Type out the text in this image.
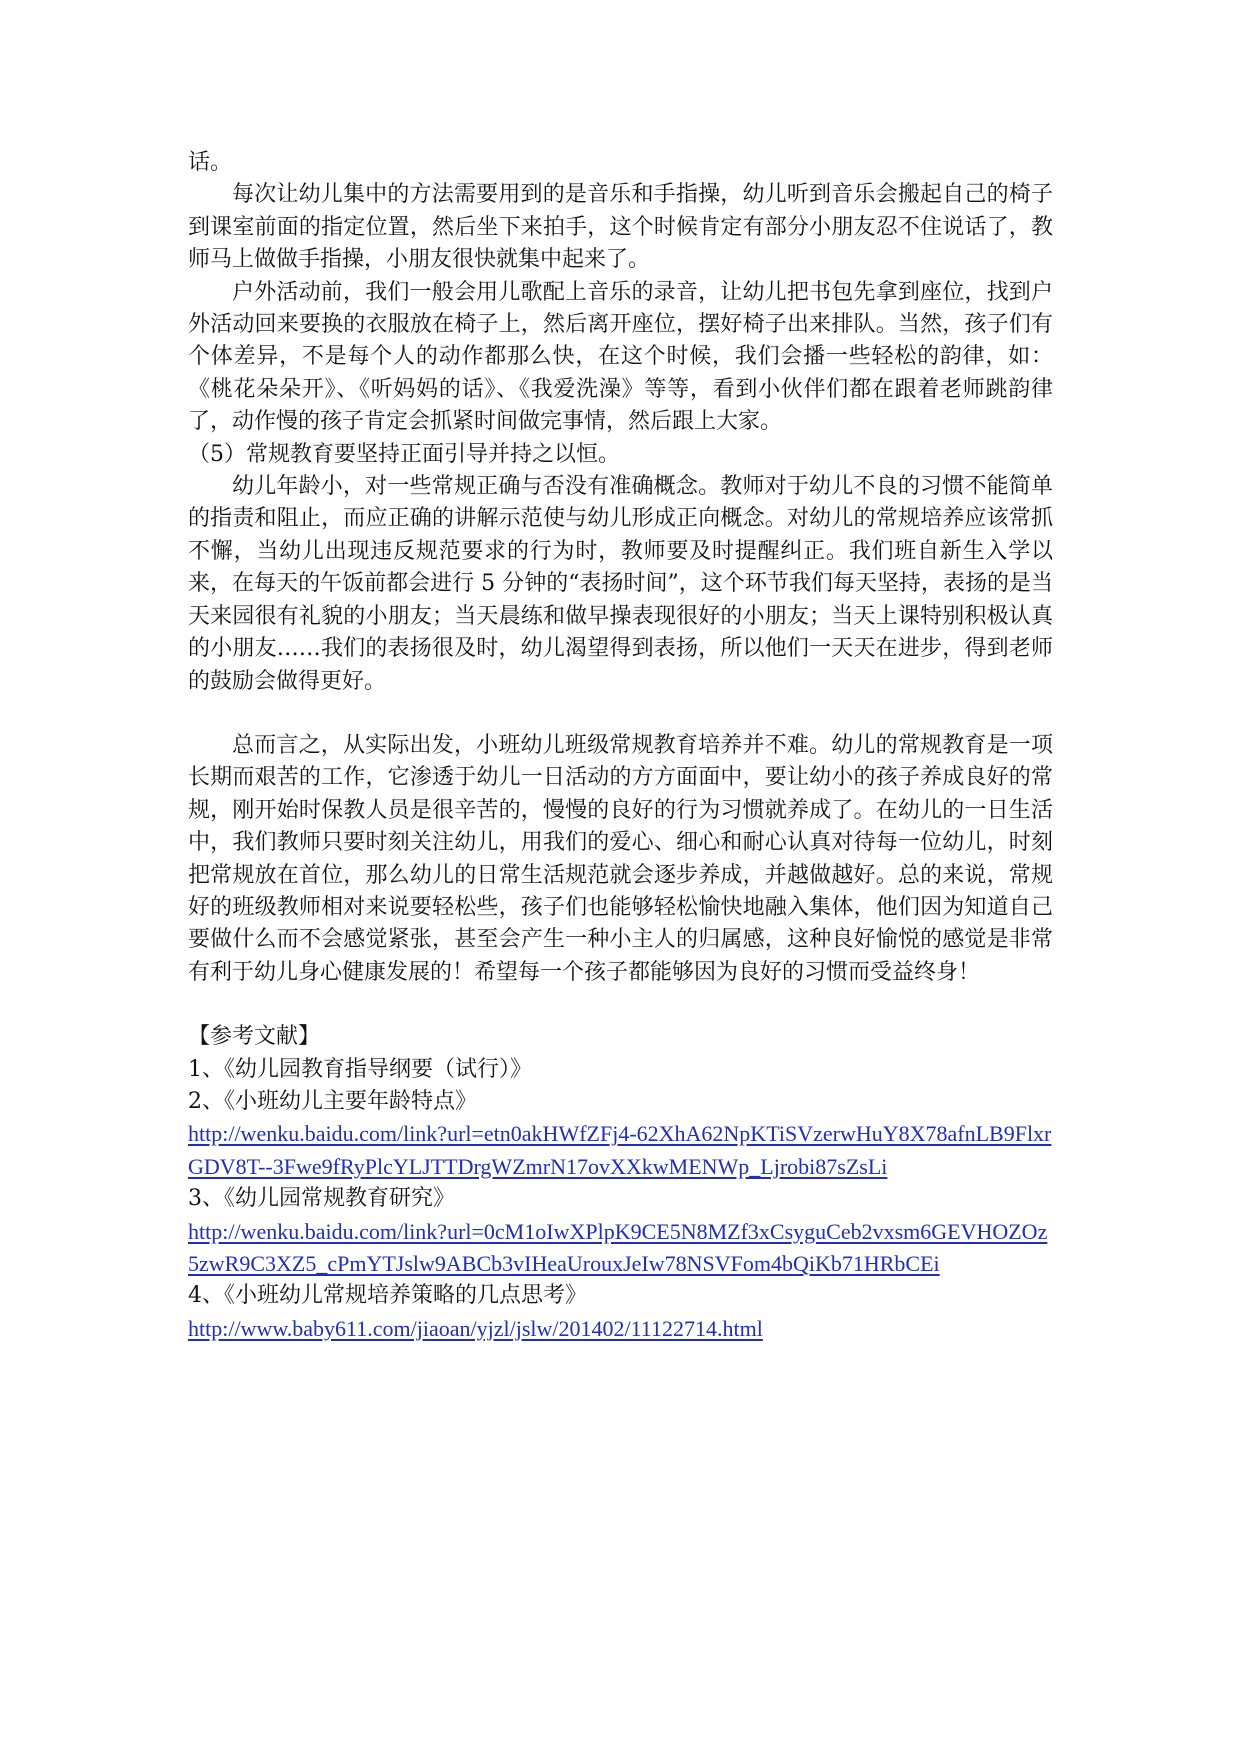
话。

每次让幼儿集中的方法需要用到的是音乐和手指操，幼儿听到音乐会搬起自己的椅子到课室前面的指定位置，然后坐下来拍手，这个时候肯定有部分小朋友忍不住说话了，教师马上做做手指操，小朋友很快就集中起来了。

户外活动前，我们一般会用儿歌配上音乐的录音，让幼儿把书包先拿到座位，找到户外活动回来要换的衣服放在椅子上，然后离开座位，摆好椅子出来排队。当然，孩子们有个体差异，不是每个人的动作都那么快，在这个时候，我们会播一些轻松的韵律，如：《桃花朵朵开》、《听妈妈的话》、《我爱洗澡》等等，看到小伙伴们都在跟着老师跳韵律了，动作慢的孩子肯定会抓紧时间做完事情，然后跟上大家。

（5）常规教育要坚持正面引导并持之以恒。

幼儿年龄小，对一些常规正确与否没有准确概念。教师对于幼儿不良的习惯不能简单的指责和阻止，而应正确的讲解示范使与幼儿形成正向概念。对幼儿的常规培养应该常抓不懈，当幼儿出现违反规范要求的行为时，教师要及时提醒纠正。我们班自新生入学以来，在每天的午饭前都会进行 5 分钟的“表扬时间”，这个环节我们每天坚持，表扬的是当天来园很有礼貌的小朋友；当天晨练和做早操表现很好的小朋友；当天上课特别积极认真的小朋友……我们的表扬很及时，幼儿渴望得到表扬，所以他们一天天在进步，得到老师的鼓励会做得更好。

总而言之，从实际出发，小班幼儿班级常规教育培养并不难。幼儿的常规教育是一项长期而艰苦的工作，它渗透于幼儿一日活动的方方面面中，要让幼小的孩子养成良好的常规，刚开始时保教人员是很辛苦的，慢慢的良好的行为习惯就养成了。在幼儿的一日生活中，我们教师只要时刻关注幼儿，用我们的爱心、细心和耐心认真对待每一位幼儿，时刻把常规放在首位，那么幼儿的日常生活规范就会逐步养成，并越做越好。总的来说，常规好的班级教师相对来说要轻松些，孩子们也能够轻松愉快地融入集体，他们因为知道自己要做什么而不会感觉紧张，甚至会产生一种小主人的归属感，这种良好愉悦的感觉是非常有利于幼儿身心健康发展的！希望每一个孩子都能够因为良好的习惯而受益终身！

【参考文献】

1、《幼儿园教育指导纲要（试行）》

2、《小班幼儿主要年龄特点》

http://wenku.baidu.com/link?url=etn0akHWfZFj4-62XhA62NpKTiSVzerwHuY8X78afnLB9FlxrGDV8T--3Fwe9fRyPlcYLJTTDrgWZmrN17ovXXkwMENWp_Ljrobi87sZsLi

3、《幼儿园常规教育研究》

http://wenku.baidu.com/link?url=0cM1oIwXPlpK9CE5N8MZf3xCsyguCeb2vxsm6GEVHOZOz5zwR9C3XZ5_cPmYTJslw9ABCb3vIHeaUrouxJeIw78NSVFom4bQiKb71HRbCEi

4、《小班幼儿常规培养策略的几点思考》

http://www.baby611.com/jiaoan/yjzl/jslw/201402/11122714.html
